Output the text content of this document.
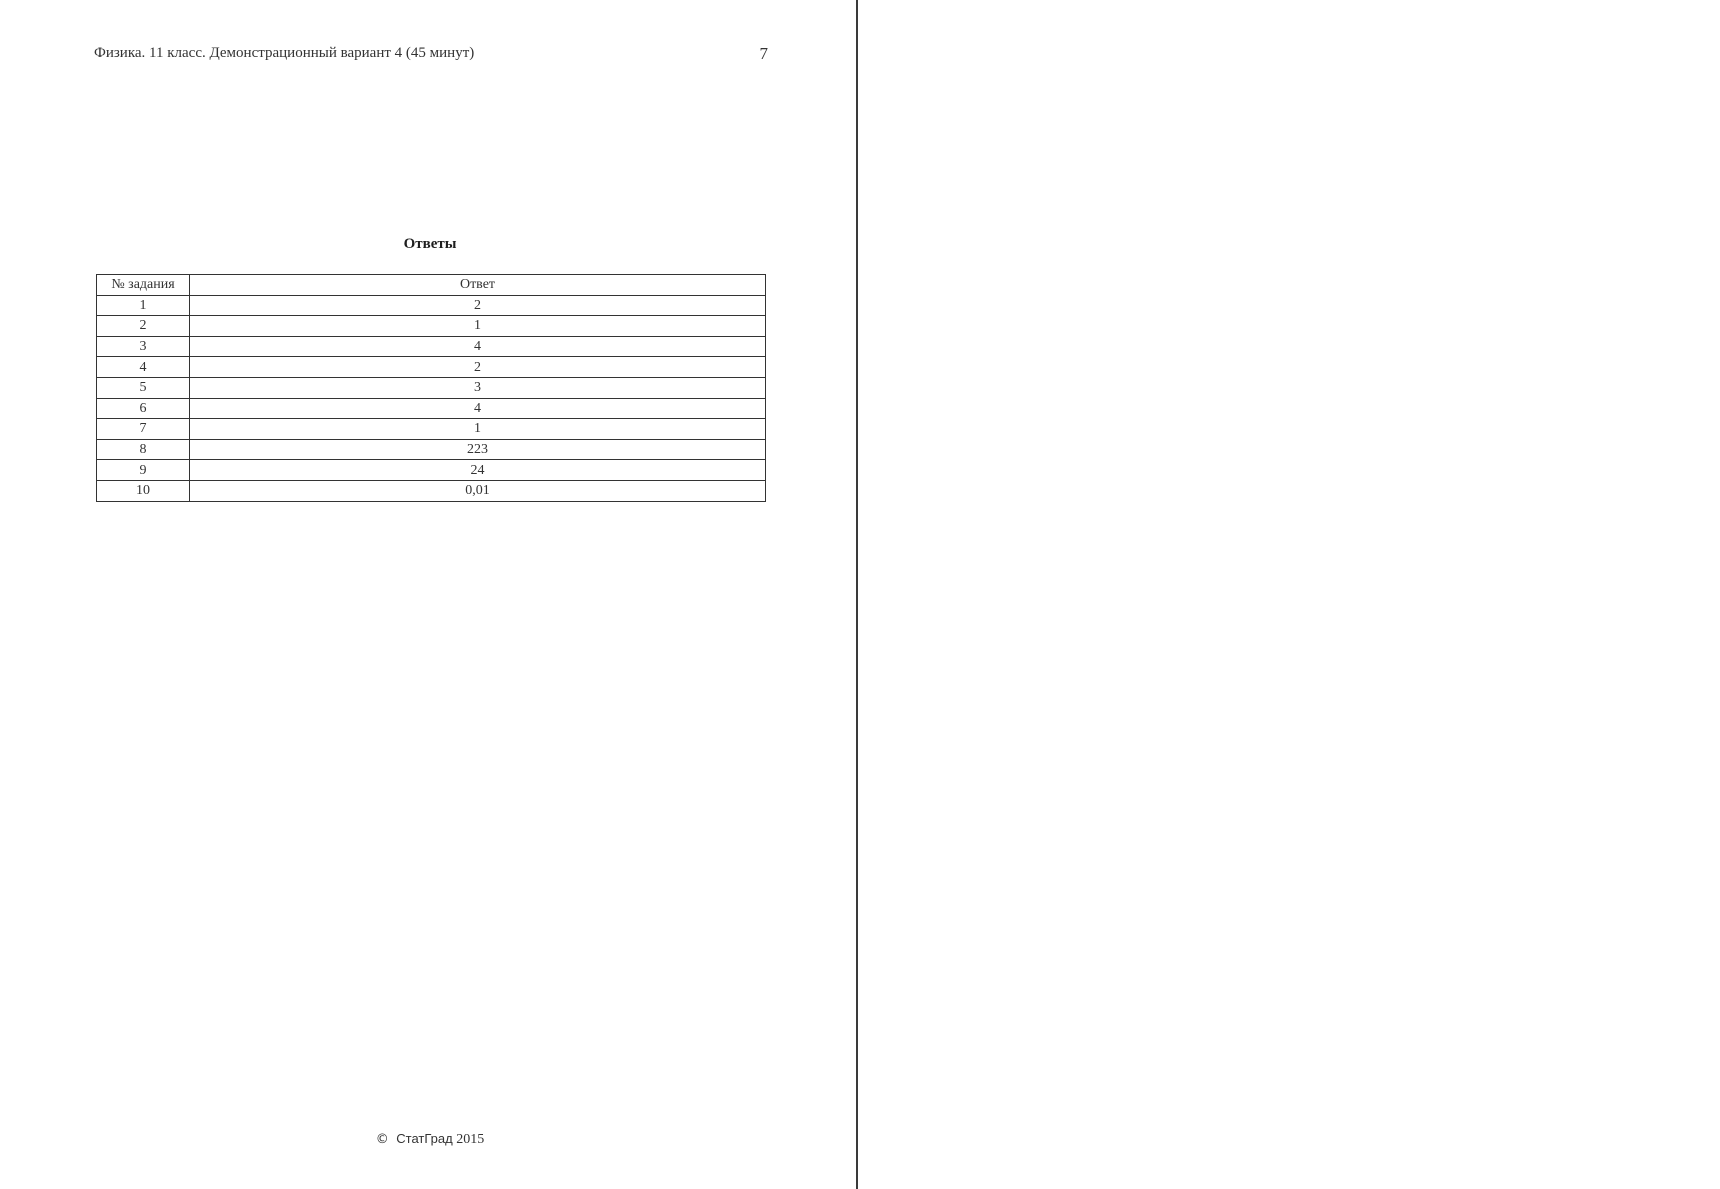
Физика. 11 класс. Демонстрационный вариант 4 (45 минут)	7
Ответы
№ задания	Ответ
1	2
2	1
3	4
4	2
5	3
6	4
7	1
8	223
9	24
10	0,01
© СтатГрад 2015
